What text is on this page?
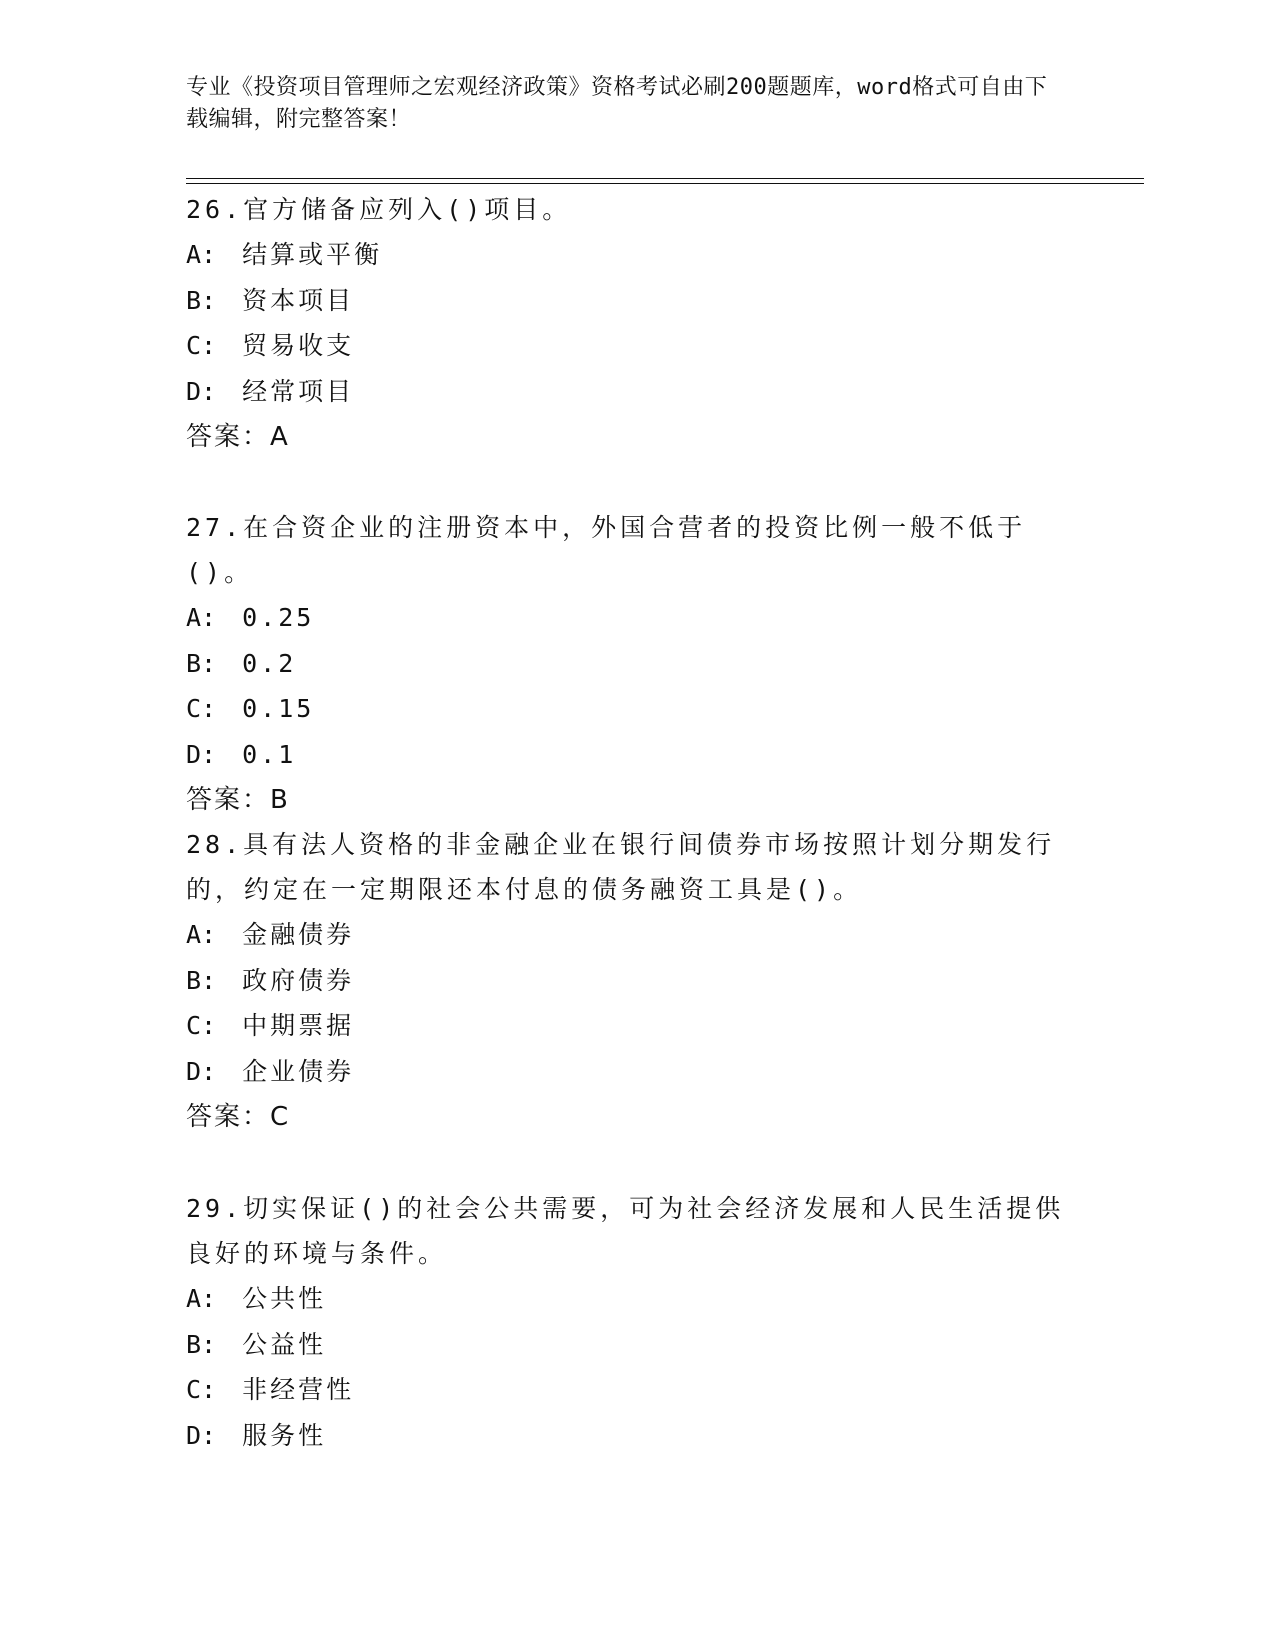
专业《投资项目管理师之宏观经济政策》资格考试必刷200题题库，word格式可自由下载编辑，附完整答案！

26.官方储备应列入()项目。

A: 结算或平衡

B: 资本项目

C: 贸易收支

D: 经常项目

答案：A

27.在合资企业的注册资本中，外国合营者的投资比例一般不低于()。

A: 0.25

B: 0.2

C: 0.15

D: 0.1

答案：B

28.具有法人资格的非金融企业在银行间债券市场按照计划分期发行的，约定在一定期限还本付息的债务融资工具是()。

A: 金融债券

B: 政府债券

C: 中期票据

D: 企业债券

答案：C

29.切实保证()的社会公共需要，可为社会经济发展和人民生活提供良好的环境与条件。

A: 公共性

B: 公益性

C: 非经营性

D: 服务性
